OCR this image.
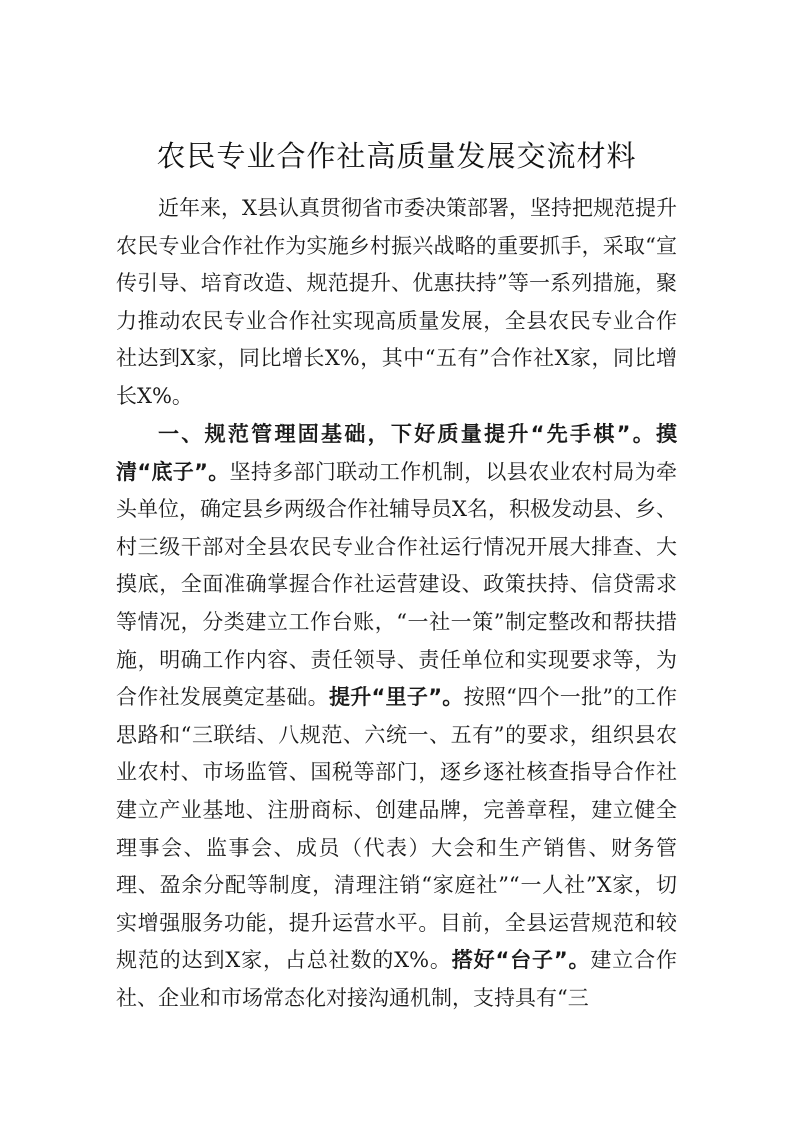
农民专业合作社高质量发展交流材料

近年来，X县认真贯彻省市委决策部署，坚持把规范提升农民专业合作社作为实施乡村振兴战略的重要抓手，采取“宣传引导、培育改造、规范提升、优惠扶持”等一系列措施，聚力推动农民专业合作社实现高质量发展，全县农民专业合作社达到X家，同比增长X%，其中“五有”合作社X家，同比增长X%。

一、规范管理固基础，下好质量提升“先手棋”。摸清“底子”。坚持多部门联动工作机制，以县农业农村局为牵头单位，确定县乡两级合作社辅导员X名，积极发动县、乡、村三级干部对全县农民专业合作社运行情况开展大排查、大摸底，全面准确掌握合作社运营建设、政策扶持、信贷需求等情况，分类建立工作台账，“一社一策”制定整改和帮扶措施，明确工作内容、责任领导、责任单位和实现要求等，为合作社发展奠定基础。提升“里子”。按照“四个一批”的工作思路和“三联结、八规范、六统一、五有”的要求，组织县农业农村、市场监管、国税等部门，逐乡逐社核查指导合作社建立产业基地、注册商标、创建品牌，完善章程，建立健全理事会、监事会、成员（代表）大会和生产销售、财务管理、盈余分配等制度，清理注销“家庭社”“一人社”X家，切实增强服务功能，提升运营水平。目前，全县运营规范和较规范的达到X家，占总社数的X%。搭好“台子”。建立合作社、企业和市场常态化对接沟通机制，支持具有“三
